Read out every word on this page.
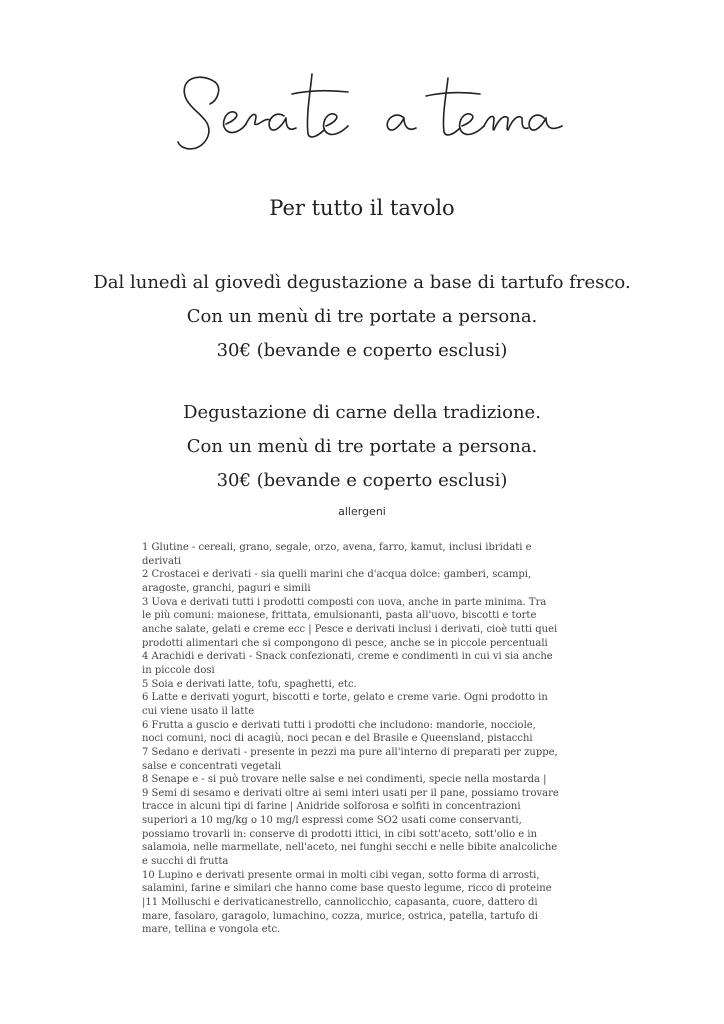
Per tutto il tavolo
Dal lunedì al giovedì degustazione a base di tartufo fresco.
Con un menù di tre portate a persona.
30€ (bevande e coperto esclusi)
Degustazione di carne della tradizione.
Con un menù di tre portate a persona.
30€ (bevande e coperto esclusi)
allergeni
1 Glutine - cereali, grano, segale, orzo, avena, farro, kamut, inclusi ibridati e
derivati
2 Crostacei e derivati - sia quelli marini che d'acqua dolce: gamberi, scampi,
aragoste, granchi, paguri e simili
3 Uova e derivati tutti i prodotti composti con uova, anche in parte minima. Tra
le più comuni: maionese, frittata, emulsionanti, pasta all'uovo, biscotti e torte
anche salate, gelati e creme ecc | Pesce e derivati inclusi i derivati, cioè tutti quei
prodotti alimentari che si compongono di pesce, anche se in piccole percentuali
4 Arachidi e derivati - Snack confezionati, creme e condimenti in cui vi sia anche
in piccole dosi
5 Soia e derivati latte, tofu, spaghetti, etc.
6 Latte e derivati yogurt, biscotti e torte, gelato e creme varie. Ogni prodotto in
cui viene usato il latte
6 Frutta a guscio e derivati tutti i prodotti che includono: mandorle, nocciole,
noci comuni, noci di acagiù, noci pecan e del Brasile e Queensland, pistacchi
7 Sedano e derivati - presente in pezzi ma pure all'interno di preparati per zuppe,
salse e concentrati vegetali
8 Senape e - si può trovare nelle salse e nei condimenti, specie nella mostarda |
9 Semi di sesamo e derivati oltre ai semi interi usati per il pane, possiamo trovare
tracce in alcuni tipi di farine | Anidride solforosa e solfiti in concentrazioni
superiori a 10 mg/kg o 10 mg/l espressi come SO2 usati come conservanti,
possiamo trovarli in: conserve di prodotti ittici, in cibi sott'aceto, sott'olio e in
salamoia, nelle marmellate, nell'aceto, nei funghi secchi e nelle bibite analcoliche
e succhi di frutta
10 Lupino e derivati presente ormai in molti cibi vegan, sotto forma di arrosti,
salamini, farine e similari che hanno come base questo legume, ricco di proteine
|11 Molluschi e derivaticanestrello, cannolicchio, capasanta, cuore, dattero di
mare, fasolaro, garagolo, lumachino, cozza, murice, ostrica, patella, tartufo di
mare, tellina e vongola etc.
